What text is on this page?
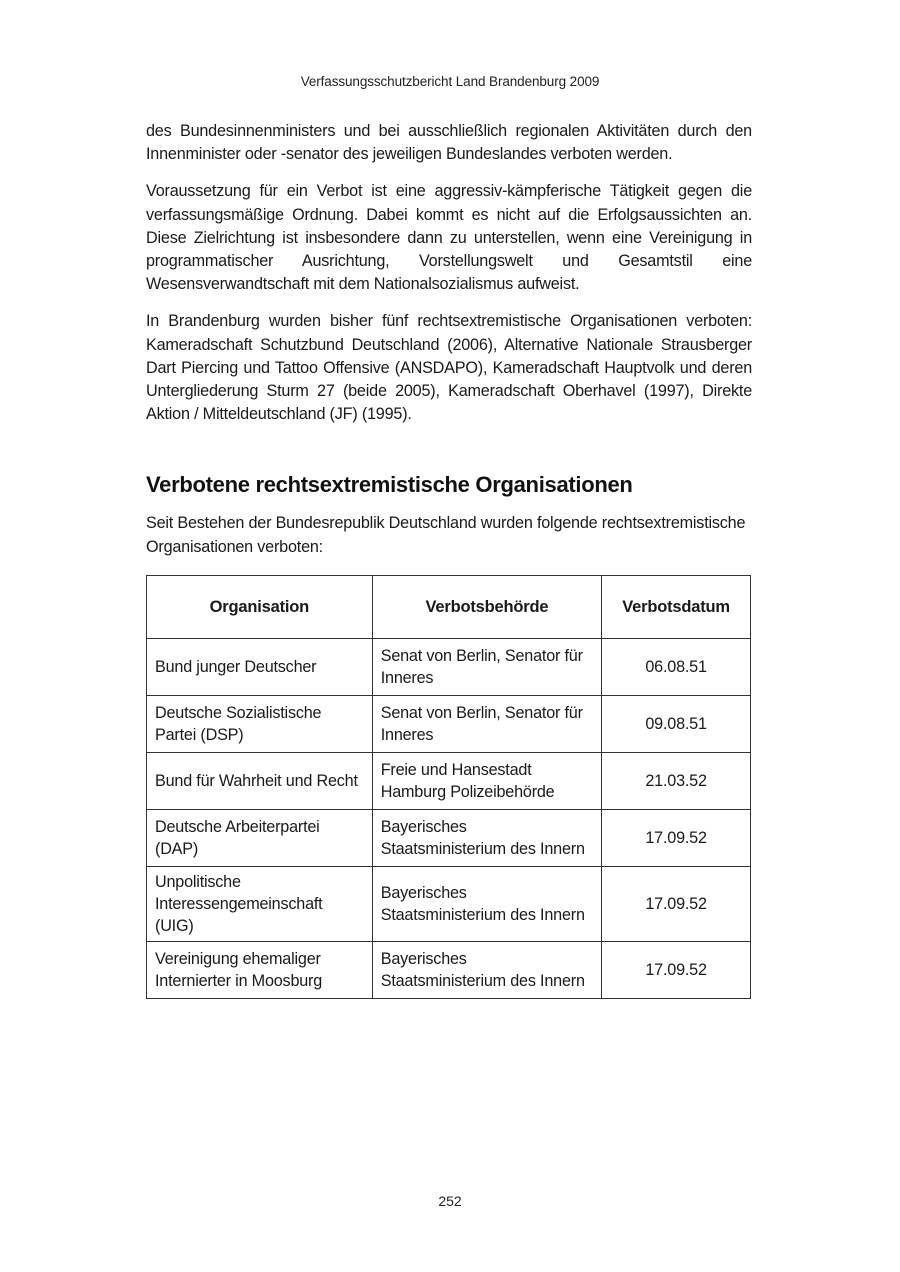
Verfassungsschutzbericht Land Brandenburg 2009

des Bundesinnenministers und bei ausschließlich regionalen Aktivitäten durch den Innenminister oder -senator des jeweiligen Bundeslandes verboten werden.

Voraussetzung für ein Verbot ist eine aggressiv-kämpferische Tätigkeit gegen die verfassungsmäßige Ordnung. Dabei kommt es nicht auf die Erfolgsaussichten an. Diese Zielrichtung ist insbesondere dann zu unterstellen, wenn eine Vereinigung in programmatischer Ausrichtung, Vorstellungswelt und Gesamtstil eine Wesensverwandtschaft mit dem Nationalsozialismus aufweist.

In Brandenburg wurden bisher fünf rechtsextremistische Organisationen verboten: Kameradschaft Schutzbund Deutschland (2006), Alternative Nationale Strausberger Dart Piercing und Tattoo Offensive (ANSDAPO), Kameradschaft Hauptvolk und deren Untergliederung Sturm 27 (beide 2005), Kameradschaft Oberhavel (1997), Direkte Aktion / Mitteldeutschland (JF) (1995).

Verbotene rechtsextremistische Organisationen

Seit Bestehen der Bundesrepublik Deutschland wurden folgende rechtsextremistische Organisationen verboten:

Organisation	Verbotsbehörde	Verbotsdatum
Bund junger Deutscher	Senat von Berlin, Senator für Inneres	06.08.51
Deutsche Sozialistische Partei (DSP)	Senat von Berlin, Senator für Inneres	09.08.51
Bund für Wahrheit und Recht	Freie und Hansestadt Hamburg Polizeibehörde	21.03.52
Deutsche Arbeiterpartei (DAP)	Bayerisches Staatsministerium des Innern	17.09.52
Unpolitische Interessengemeinschaft (UIG)	Bayerisches Staatsministerium des Innern	17.09.52
Vereinigung ehemaliger Internierter in Moosburg	Bayerisches Staatsministerium des Innern	17.09.52
252
